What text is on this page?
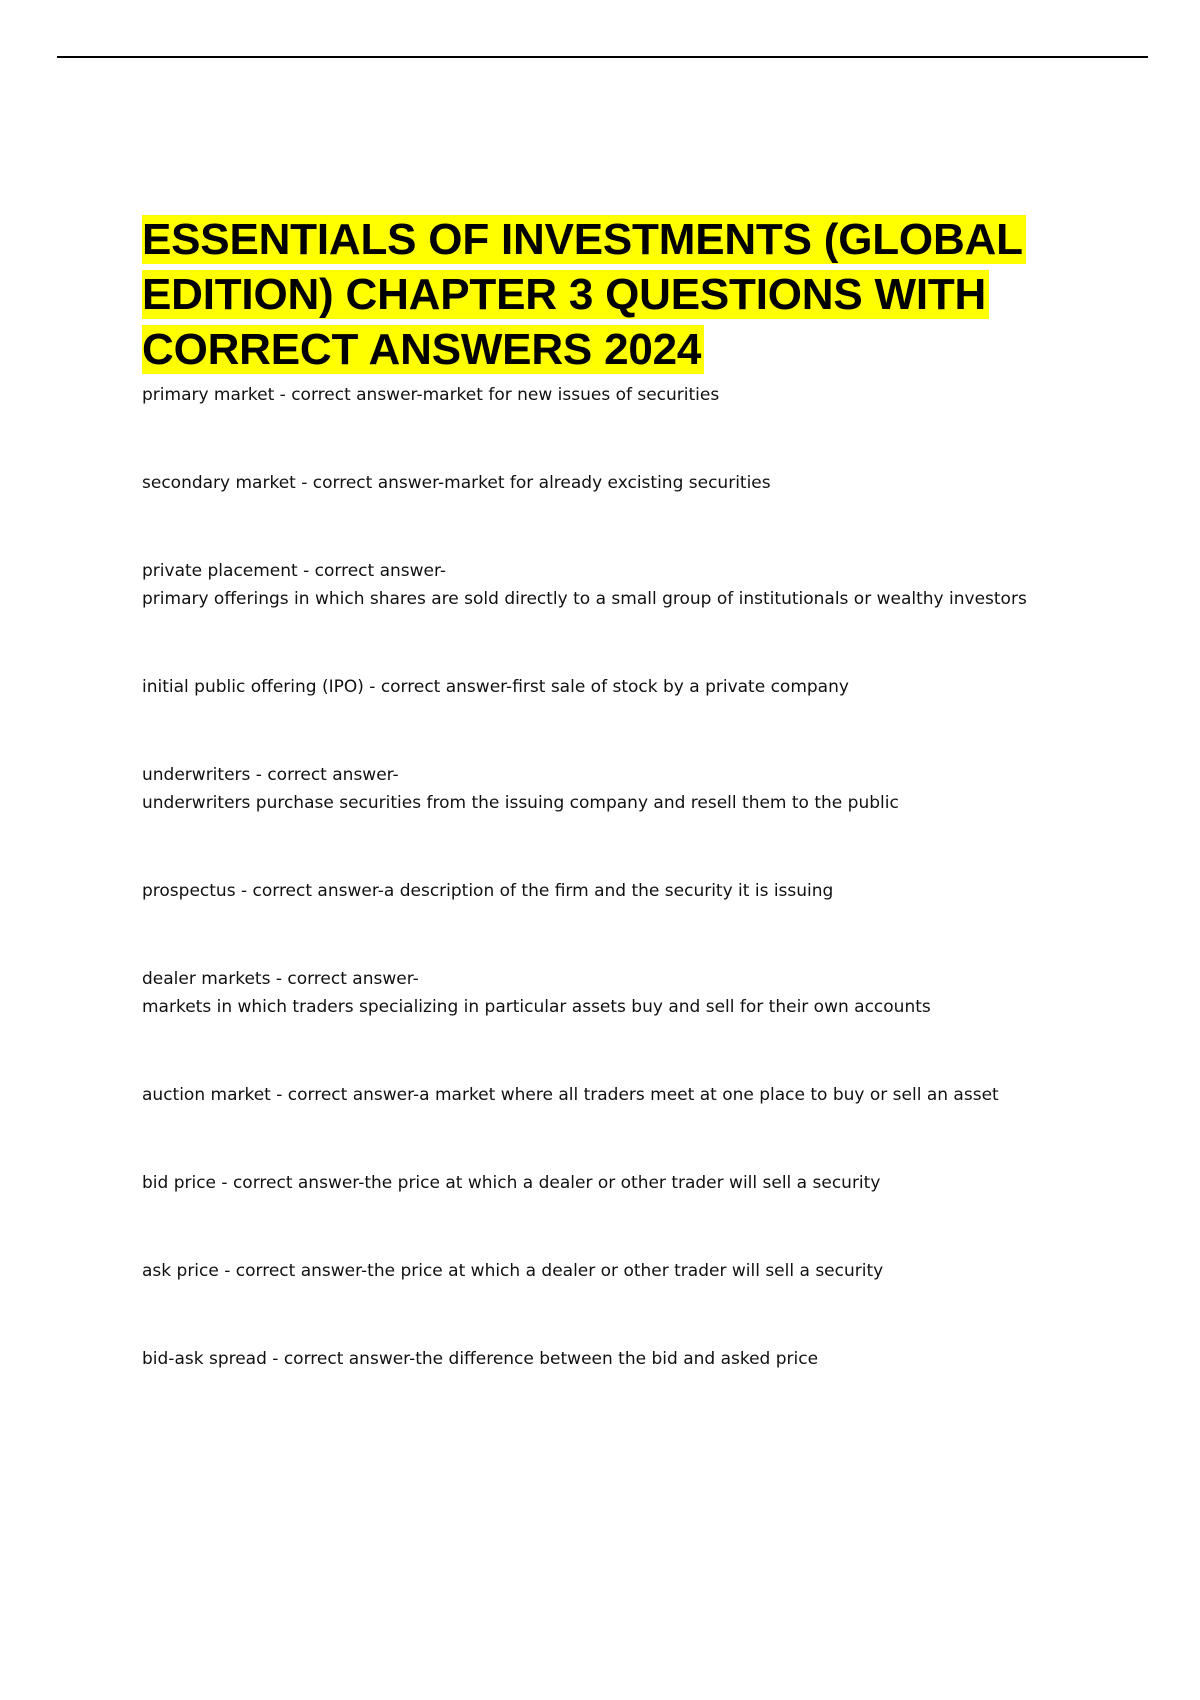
ESSENTIALS OF INVESTMENTS (GLOBAL EDITION) CHAPTER 3 QUESTIONS WITH CORRECT ANSWERS 2024
primary market - correct answer-market for new issues of securities
secondary market - correct answer-market for already excisting securities
private placement - correct answer-
primary offerings in which shares are sold directly to a small group of institutionals or wealthy investors
initial public offering (IPO) - correct answer-first sale of stock by a private company
underwriters - correct answer-
underwriters purchase securities from the issuing company and resell them to the public
prospectus - correct answer-a description of the firm and the security it is issuing
dealer markets - correct answer-
markets in which traders specializing in particular assets buy and sell for their own accounts
auction market - correct answer-a market where all traders meet at one place to buy or sell an asset
bid price - correct answer-the price at which a dealer or other trader will sell a security
ask price - correct answer-the price at which a dealer or other trader will sell a security
bid-ask spread - correct answer-the difference between the bid and asked price
